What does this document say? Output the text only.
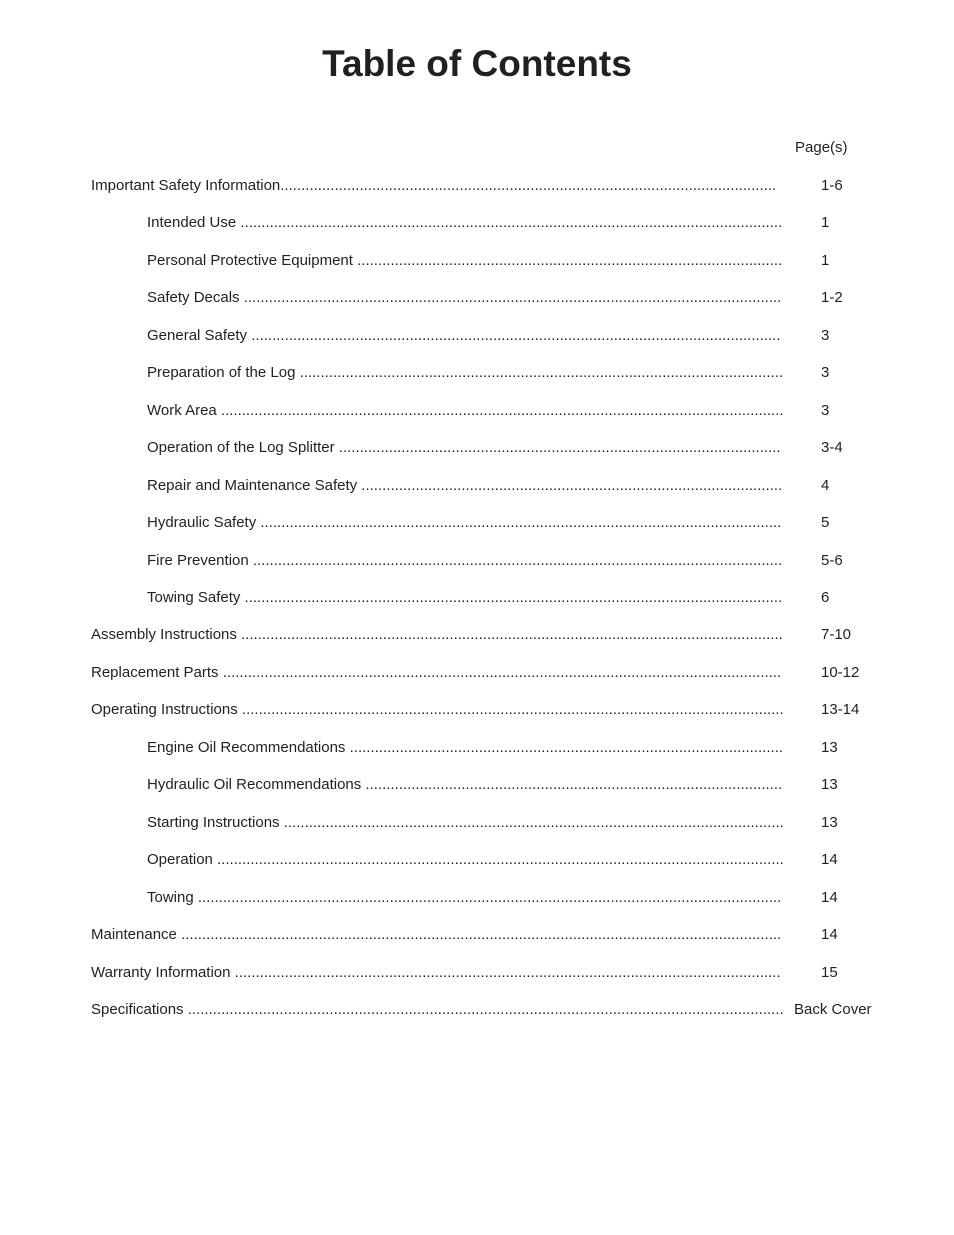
Table of Contents
Page(s)
Important Safety Information.......................................................................................................................	1-6
Intended Use ..................................................................................................................................	1
Personal Protective Equipment ......................................................................................................	1
Safety Decals .................................................................................................................................	1-2
General Safety ...............................................................................................................................	3
Preparation of the Log ....................................................................................................................	3
Work Area ....................................................................................................................................... 3
Operation of the Log Splitter ..........................................................................................................	3-4
Repair and Maintenance Safety .....................................................................................................	4
Hydraulic Safety .............................................................................................................................	5
Fire Prevention ...............................................................................................................................	5-6
Towing Safety .................................................................................................................................	6
Assembly Instructions ..................................................................................................................................	7-10
Replacement Parts ......................................................................................................................................	10-12
Operating Instructions .................................................................................................................................. 13-14
Engine Oil Recommendations ........................................................................................................	13
Hydraulic Oil Recommendations ....................................................................................................	13
Starting Instructions ........................................................................................................................ 13
Operation ........................................................................................................................................ 14
Towing ............................................................................................................................................	14
Maintenance ................................................................................................................................................	14
Warranty Information ...................................................................................................................................	15
Specifications ............................................................................................................................................... Back Cover
